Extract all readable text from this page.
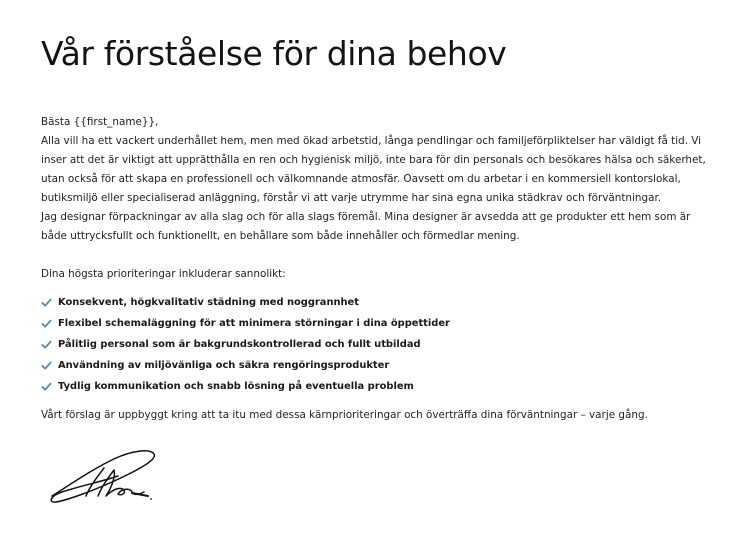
Vår förståelse för dina behov

Bästa {{first_name}},

Alla vill ha ett vackert underhållet hem, men med ökad arbetstid, långa pendlingar och familjeförpliktelser har väldigt få tid. Vi inser att det är viktigt att upprätthålla en ren och hygienisk miljö, inte bara för din personals och besökares hälsa och säkerhet, utan också för att skapa en professionell och välkomnande atmosfär. Oavsett om du arbetar i en kommersiell kontorslokal, butiksmiljö eller specialiserad anläggning, förstår vi att varje utrymme har sina egna unika städkrav och förväntningar.

Jag designar förpackningar av alla slag och för alla slags föremål. Mina designer är avsedda att ge produkter ett hem som är både uttrycksfullt och funktionellt, en behållare som både innehåller och förmedlar mening.

Dina högsta prioriteringar inkluderar sannolikt:

Konsekvent, högkvalitativ städning med noggrannhet
Flexibel schemaläggning för att minimera störningar i dina öppettider
Pålitlig personal som är bakgrundskontrollerad och fullt utbildad
Användning av miljövänliga och säkra rengöringsprodukter
Tydlig kommunikation och snabb lösning på eventuella problem

Vårt förslag är uppbyggt kring att ta itu med dessa kärnprioriteringar och överträffa dina förväntningar – varje gång.
